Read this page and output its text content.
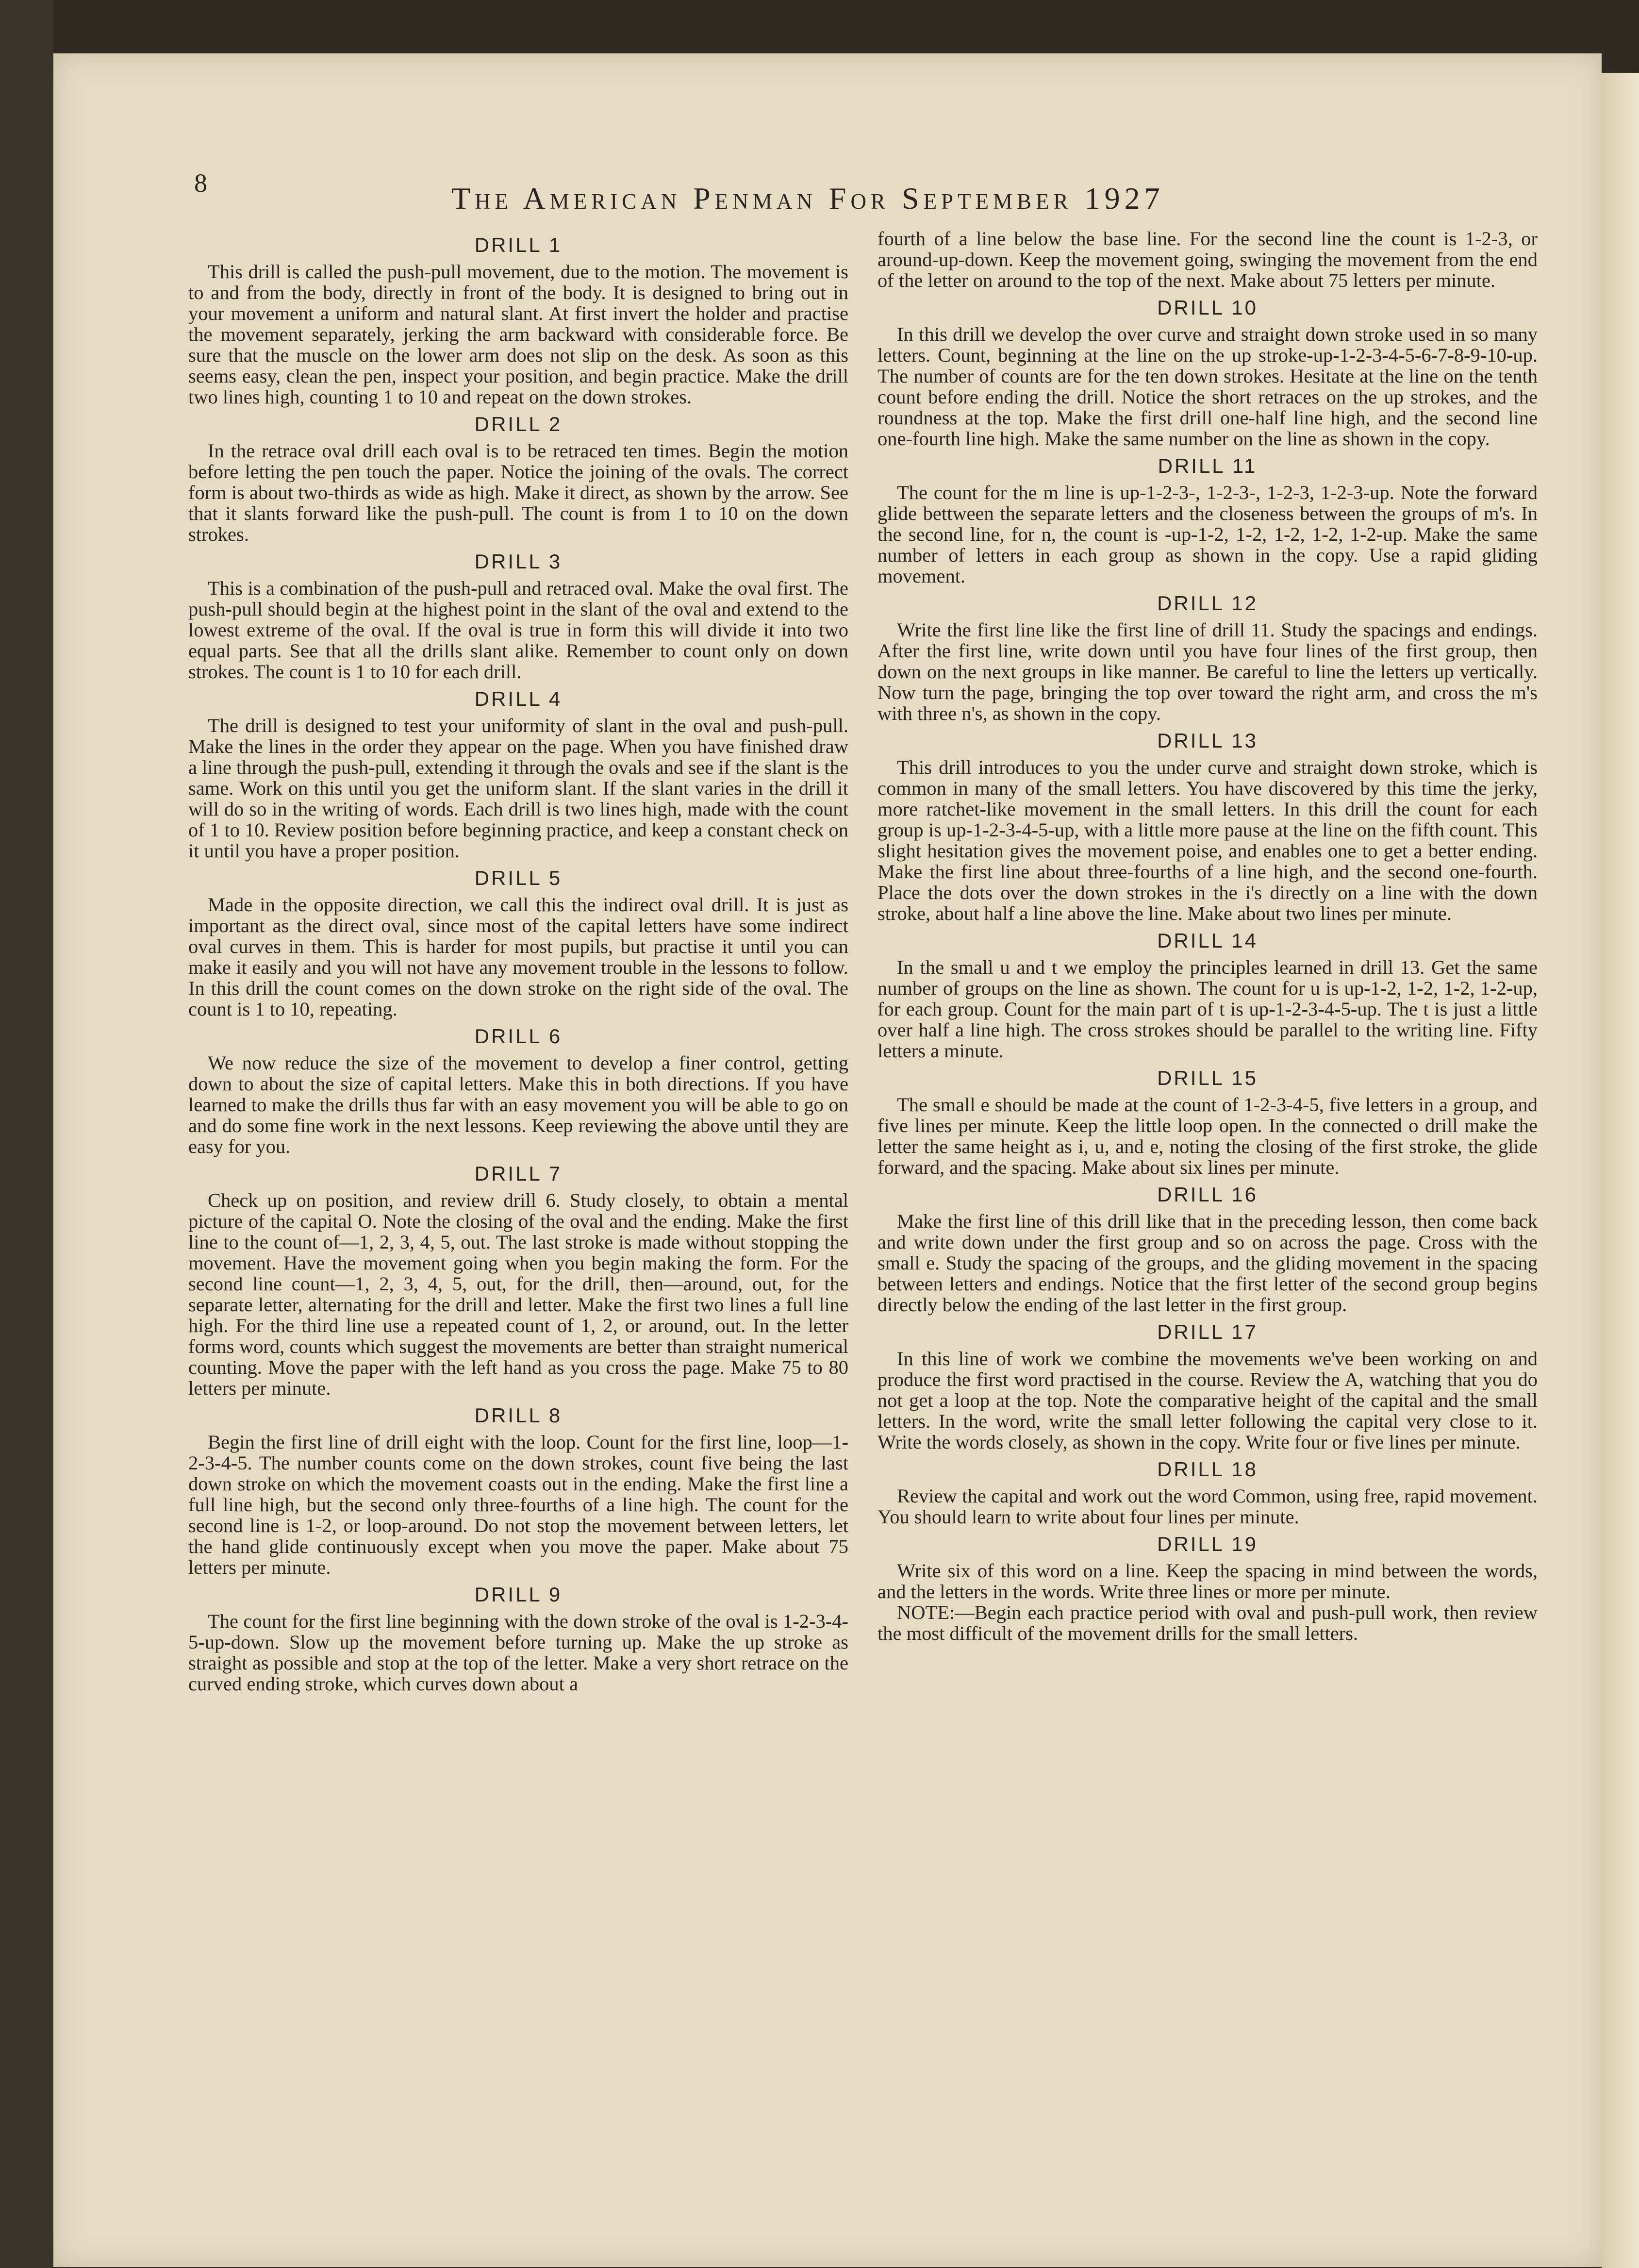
8	The American Penman For September 1927
DRILL 1

This drill is called the push-pull movement, due to the motion. The movement is to and from the body, directly in front of the body. It is designed to bring out in your movement a uniform and natural slant. At first invert the holder and practise the movement separately, jerking the arm backward with considerable force. Be sure that the muscle on the lower arm does not slip on the desk. As soon as this seems easy, clean the pen, inspect your position, and begin practice. Make the drill two lines high, counting 1 to 10 and repeat on the down strokes.

DRILL 2

In the retrace oval drill each oval is to be retraced ten times. Begin the motion before letting the pen touch the paper. Notice the joining of the ovals. The correct form is about two-thirds as wide as high. Make it direct, as shown by the arrow. See that it slants forward like the push-pull. The count is from 1 to 10 on the down strokes.

DRILL 3

This is a combination of the push-pull and retraced oval. Make the oval first. The push-pull should begin at the highest point in the slant of the oval and extend to the lowest extreme of the oval. If the oval is true in form this will divide it into two equal parts. See that all the drills slant alike. Remember to count only on down strokes. The count is 1 to 10 for each drill.

DRILL 4

The drill is designed to test your uniformity of slant in the oval and push-pull. Make the lines in the order they appear on the page. When you have finished draw a line through the push-pull, extending it through the ovals and see if the slant is the same. Work on this until you get the uniform slant. If the slant varies in the drill it will do so in the writing of words. Each drill is two lines high, made with the count of 1 to 10. Review position before beginning practice, and keep a constant check on it until you have a proper position.

DRILL 5

Made in the opposite direction, we call this the indirect oval drill. It is just as important as the direct oval, since most of the capital letters have some indirect oval curves in them. This is harder for most pupils, but practise it until you can make it easily and you will not have any movement trouble in the lessons to follow. In this drill the count comes on the down stroke on the right side of the oval. The count is 1 to 10, repeating.

DRILL 6

We now reduce the size of the movement to develop a finer control, getting down to about the size of capital letters. Make this in both directions. If you have learned to make the drills thus far with an easy movement you will be able to go on and do some fine work in the next lessons. Keep reviewing the above until they are easy for you.

DRILL 7

Check up on position, and review drill 6. Study closely, to obtain a mental picture of the capital O. Note the closing of the oval and the ending. Make the first line to the count of—1, 2, 3, 4, 5, out. The last stroke is made without stopping the movement. Have the movement going when you begin making the form. For the second line count—1, 2, 3, 4, 5, out, for the drill, then—around, out, for the separate letter, alternating for the drill and letter. Make the first two lines a full line high. For the third line use a repeated count of 1, 2, or around, out. In the letter forms word, counts which suggest the movements are better than straight numerical counting. Move the paper with the left hand as you cross the page. Make 75 to 80 letters per minute.

DRILL 8

Begin the first line of drill eight with the loop. Count for the first line, loop—1-2-3-4-5. The number counts come on the down strokes, count five being the last down stroke on which the movement coasts out in the ending. Make the first line a full line high, but the second only three-fourths of a line high. The count for the second line is 1-2, or loop-around. Do not stop the movement between letters, let the hand glide continuously except when you move the paper. Make about 75 letters per minute.

DRILL 9

The count for the first line beginning with the down stroke of the oval is 1-2-3-4-5-up-down. Slow up the movement before turning up. Make the up stroke as straight as possible and stop at the top of the letter. Make a very short retrace on the curved ending stroke, which curves down about a

fourth of a line below the base line. For the second line the count is 1-2-3, or around-up-down. Keep the movement going, swinging the movement from the end of the letter on around to the top of the next. Make about 75 letters per minute.

DRILL 10

In this drill we develop the over curve and straight down stroke used in so many letters. Count, beginning at the line on the up stroke-up-1-2-3-4-5-6-7-8-9-10-up. The number of counts are for the ten down strokes. Hesitate at the line on the tenth count before ending the drill. Notice the short retraces on the up strokes, and the roundness at the top. Make the first drill one-half line high, and the second line one-fourth line high. Make the same number on the line as shown in the copy.

DRILL 11

The count for the m line is up-1-2-3-, 1-2-3-, 1-2-3, 1-2-3-up. Note the forward glide bettween the separate letters and the closeness between the groups of m's. In the second line, for n, the count is -up-1-2, 1-2, 1-2, 1-2, 1-2-up. Make the same number of letters in each group as shown in the copy. Use a rapid gliding movement.

DRILL 12

Write the first line like the first line of drill 11. Study the spacings and endings. After the first line, write down until you have four lines of the first group, then down on the next groups in like manner. Be careful to line the letters up vertically. Now turn the page, bringing the top over toward the right arm, and cross the m's with three n's, as shown in the copy.

DRILL 13

This drill introduces to you the under curve and straight down stroke, which is common in many of the small letters. You have discovered by this time the jerky, more ratchet-like movement in the small letters. In this drill the count for each group is up-1-2-3-4-5-up, with a little more pause at the line on the fifth count. This slight hesitation gives the movement poise, and enables one to get a better ending. Make the first line about three-fourths of a line high, and the second one-fourth. Place the dots over the down strokes in the i's directly on a line with the down stroke, about half a line above the line. Make about two lines per minute.

DRILL 14

In the small u and t we employ the principles learned in drill 13. Get the same number of groups on the line as shown. The count for u is up-1-2, 1-2, 1-2, 1-2-up, for each group. Count for the main part of t is up-1-2-3-4-5-up. The t is just a little over half a line high. The cross strokes should be parallel to the writing line. Fifty letters a minute.

DRILL 15

The small e should be made at the count of 1-2-3-4-5, five letters in a group, and five lines per minute. Keep the little loop open. In the connected o drill make the letter the same height as i, u, and e, noting the closing of the first stroke, the glide forward, and the spacing. Make about six lines per minute.

DRILL 16

Make the first line of this drill like that in the preceding lesson, then come back and write down under the first group and so on across the page. Cross with the small e. Study the spacing of the groups, and the gliding movement in the spacing between letters and endings. Notice that the first letter of the second group begins directly below the ending of the last letter in the first group.

DRILL 17

In this line of work we combine the movements we've been working on and produce the first word practised in the course. Review the A, watching that you do not get a loop at the top. Note the comparative height of the capital and the small letters. In the word, write the small letter following the capital very close to it. Write the words closely, as shown in the copy. Write four or five lines per minute.

DRILL 18

Review the capital and work out the word Common, using free, rapid movement. You should learn to write about four lines per minute.

DRILL 19

Write six of this word on a line. Keep the spacing in mind between the words, and the letters in the words. Write three lines or more per minute.

NOTE:—Begin each practice period with oval and push-pull work, then review the most difficult of the movement drills for the small letters.
